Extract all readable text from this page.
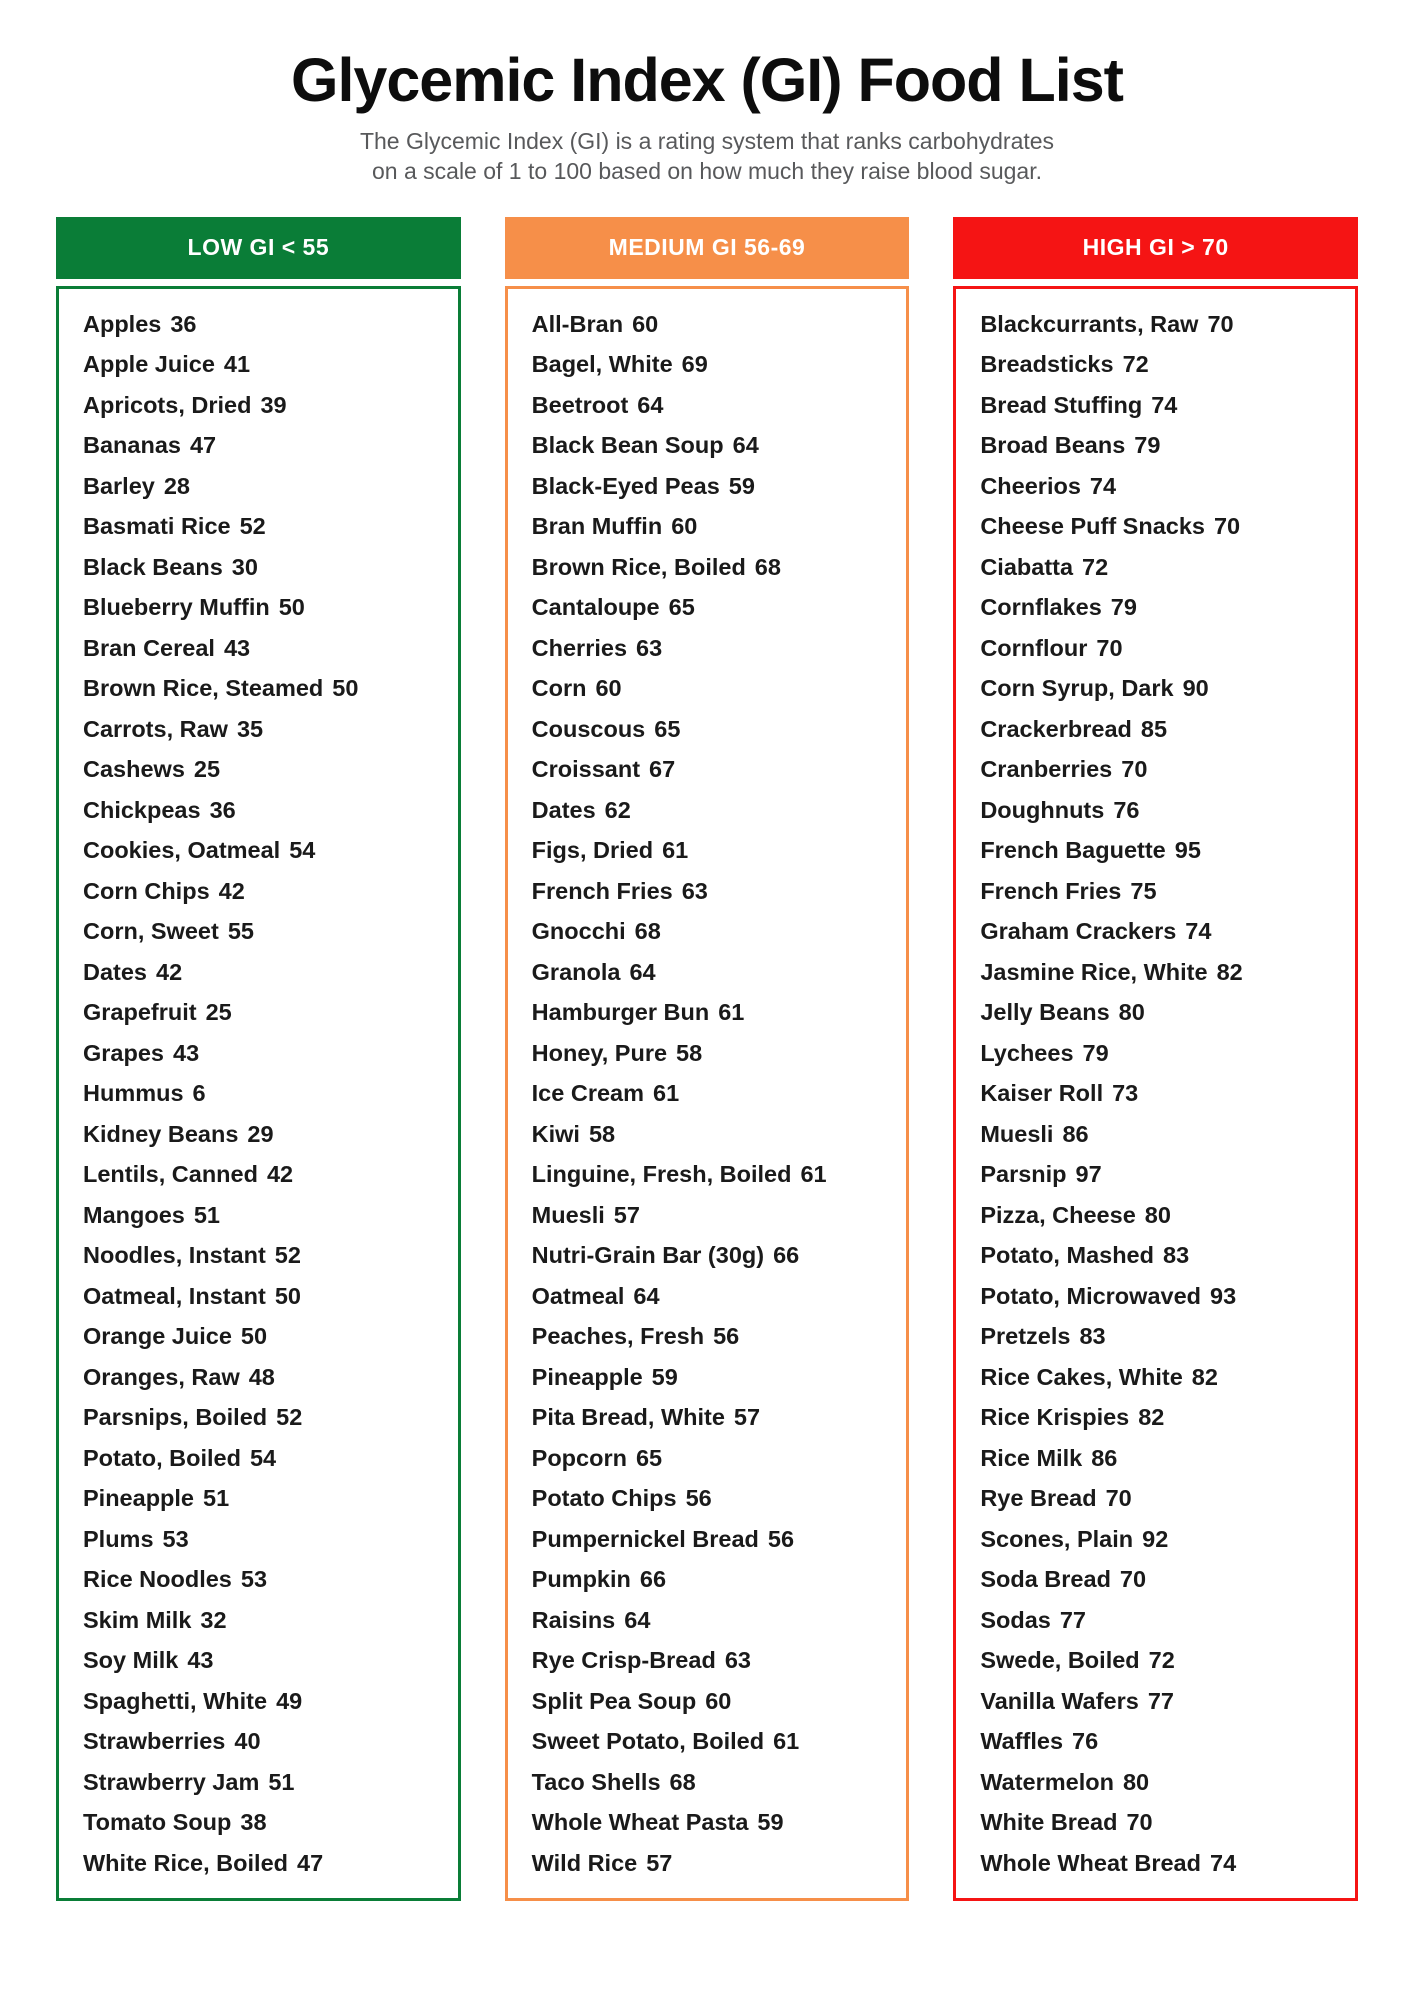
Glycemic Index (GI) Food List

The Glycemic Index (GI) is a rating system that ranks carbohydrates
on a scale of 1 to 100 based on how much they raise blood sugar.

LOW GI < 55
Apples 36
Apple Juice 41
Apricots, Dried 39
Bananas 47
Barley 28
Basmati Rice 52
Black Beans 30
Blueberry Muffin 50
Bran Cereal 43
Brown Rice, Steamed 50
Carrots, Raw 35
Cashews 25
Chickpeas 36
Cookies, Oatmeal 54
Corn Chips 42
Corn, Sweet 55
Dates 42
Grapefruit 25
Grapes 43
Hummus 6
Kidney Beans 29
Lentils, Canned 42
Mangoes 51
Noodles, Instant 52
Oatmeal, Instant 50
Orange Juice 50
Oranges, Raw 48
Parsnips, Boiled 52
Potato, Boiled 54
Pineapple 51
Plums 53
Rice Noodles 53
Skim Milk 32
Soy Milk 43
Spaghetti, White 49
Strawberries 40
Strawberry Jam 51
Tomato Soup 38
White Rice, Boiled 47
MEDIUM GI 56-69
All-Bran 60
Bagel, White 69
Beetroot 64
Black Bean Soup 64
Black-Eyed Peas 59
Bran Muffin 60
Brown Rice, Boiled 68
Cantaloupe 65
Cherries 63
Corn 60
Couscous 65
Croissant 67
Dates 62
Figs, Dried 61
French Fries 63
Gnocchi 68
Granola 64
Hamburger Bun 61
Honey, Pure 58
Ice Cream 61
Kiwi 58
Linguine, Fresh, Boiled 61
Muesli 57
Nutri-Grain Bar (30g) 66
Oatmeal 64
Peaches, Fresh 56
Pineapple 59
Pita Bread, White 57
Popcorn 65
Potato Chips 56
Pumpernickel Bread 56
Pumpkin 66
Raisins 64
Rye Crisp-Bread 63
Split Pea Soup 60
Sweet Potato, Boiled 61
Taco Shells 68
Whole Wheat Pasta 59
Wild Rice 57
HIGH GI > 70
Blackcurrants, Raw 70
Breadsticks 72
Bread Stuffing 74
Broad Beans 79
Cheerios 74
Cheese Puff Snacks 70
Ciabatta 72
Cornflakes 79
Cornflour 70
Corn Syrup, Dark 90
Crackerbread 85
Cranberries 70
Doughnuts 76
French Baguette 95
French Fries 75
Graham Crackers 74
Jasmine Rice, White 82
Jelly Beans 80
Lychees 79
Kaiser Roll 73
Muesli 86
Parsnip 97
Pizza, Cheese 80
Potato, Mashed 83
Potato, Microwaved 93
Pretzels 83
Rice Cakes, White 82
Rice Krispies 82
Rice Milk 86
Rye Bread 70
Scones, Plain 92
Soda Bread 70
Sodas 77
Swede, Boiled 72
Vanilla Wafers 77
Waffles 76
Watermelon 80
White Bread 70
Whole Wheat Bread 74
